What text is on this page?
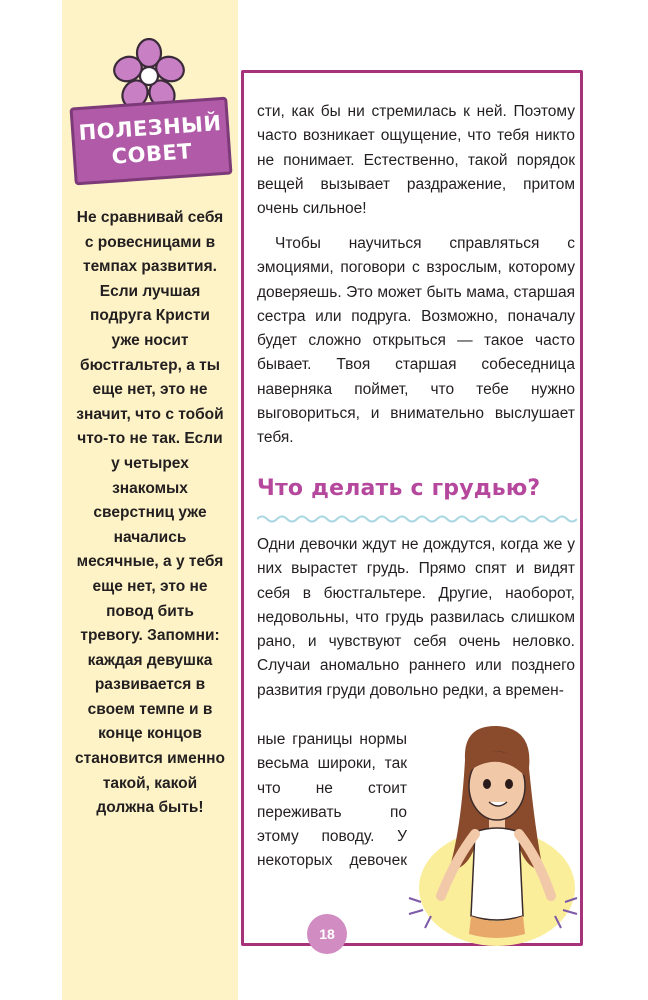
ПОЛЕЗНЫЙ
СОВЕТ

Не сравнивай себя с ровесницами в темпах развития. Если лучшая подруга Кристи уже носит бюстгальтер, а ты еще нет, это не значит, что с тобой что-то не так. Если у четырех знакомых сверстниц уже начались месячные, а у тебя еще нет, это не повод бить тревогу. Запомни: каждая девушка развивается в своем темпе и в конце концов становится именно такой, какой должна быть!

сти, как бы ни стремилась к ней. Поэтому часто возникает ощущение, что тебя никто не понимает. Естественно, такой порядок вещей вызывает раздражение, притом очень сильное!

Чтобы научиться справляться с эмоциями, поговори с взрослым, которому доверяешь. Это может быть мама, старшая сестра или подруга. Возможно, поначалу будет сложно открыться — такое часто бывает. Твоя старшая собеседница наверняка поймет, что тебе нужно выговориться, и внимательно выслушает тебя.

Что делать с грудью?

Одни девочки ждут не дождутся, когда же у них вырастет грудь. Прямо спят и видят себя в бюстгальтере. Другие, наоборот, недовольны, что грудь развилась слишком рано, и чувствуют себя очень неловко. Случаи аномально раннего или позднего развития груди довольно редки, а времен-

ные границы нормы весьма широки, так что не стоит переживать по этому поводу. У некоторых девочек

18
